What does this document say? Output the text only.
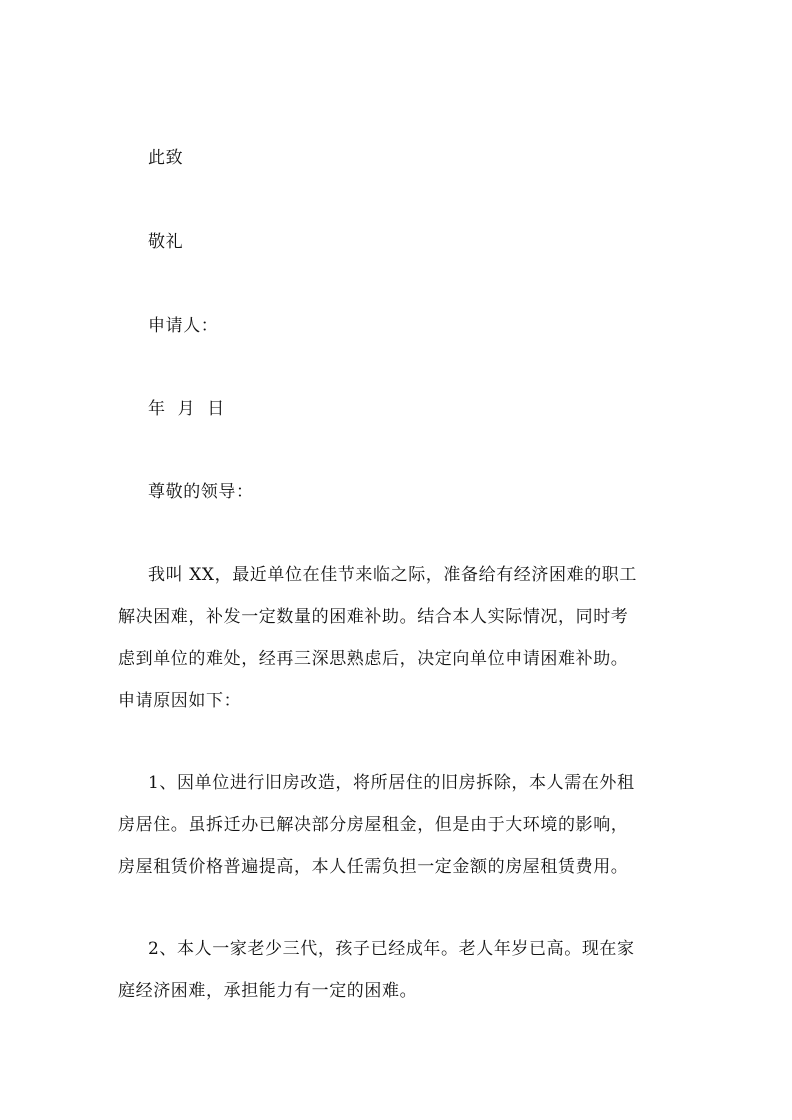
此致
敬礼
申请人：
年  月  日
尊敬的领导：
我叫 XX，最近单位在佳节来临之际，准备给有经济困难的职工
解决困难，补发一定数量的困难补助。结合本人实际情况，同时考
虑到单位的难处，经再三深思熟虑后，决定向单位申请困难补助。
申请原因如下：
1、因单位进行旧房改造，将所居住的旧房拆除，本人需在外租
房居住。虽拆迁办已解决部分房屋租金，但是由于大环境的影响，
房屋租赁价格普遍提高，本人任需负担一定金额的房屋租赁费用。
2、本人一家老少三代，孩子已经成年。老人年岁已高。现在家
庭经济困难，承担能力有一定的困难。
